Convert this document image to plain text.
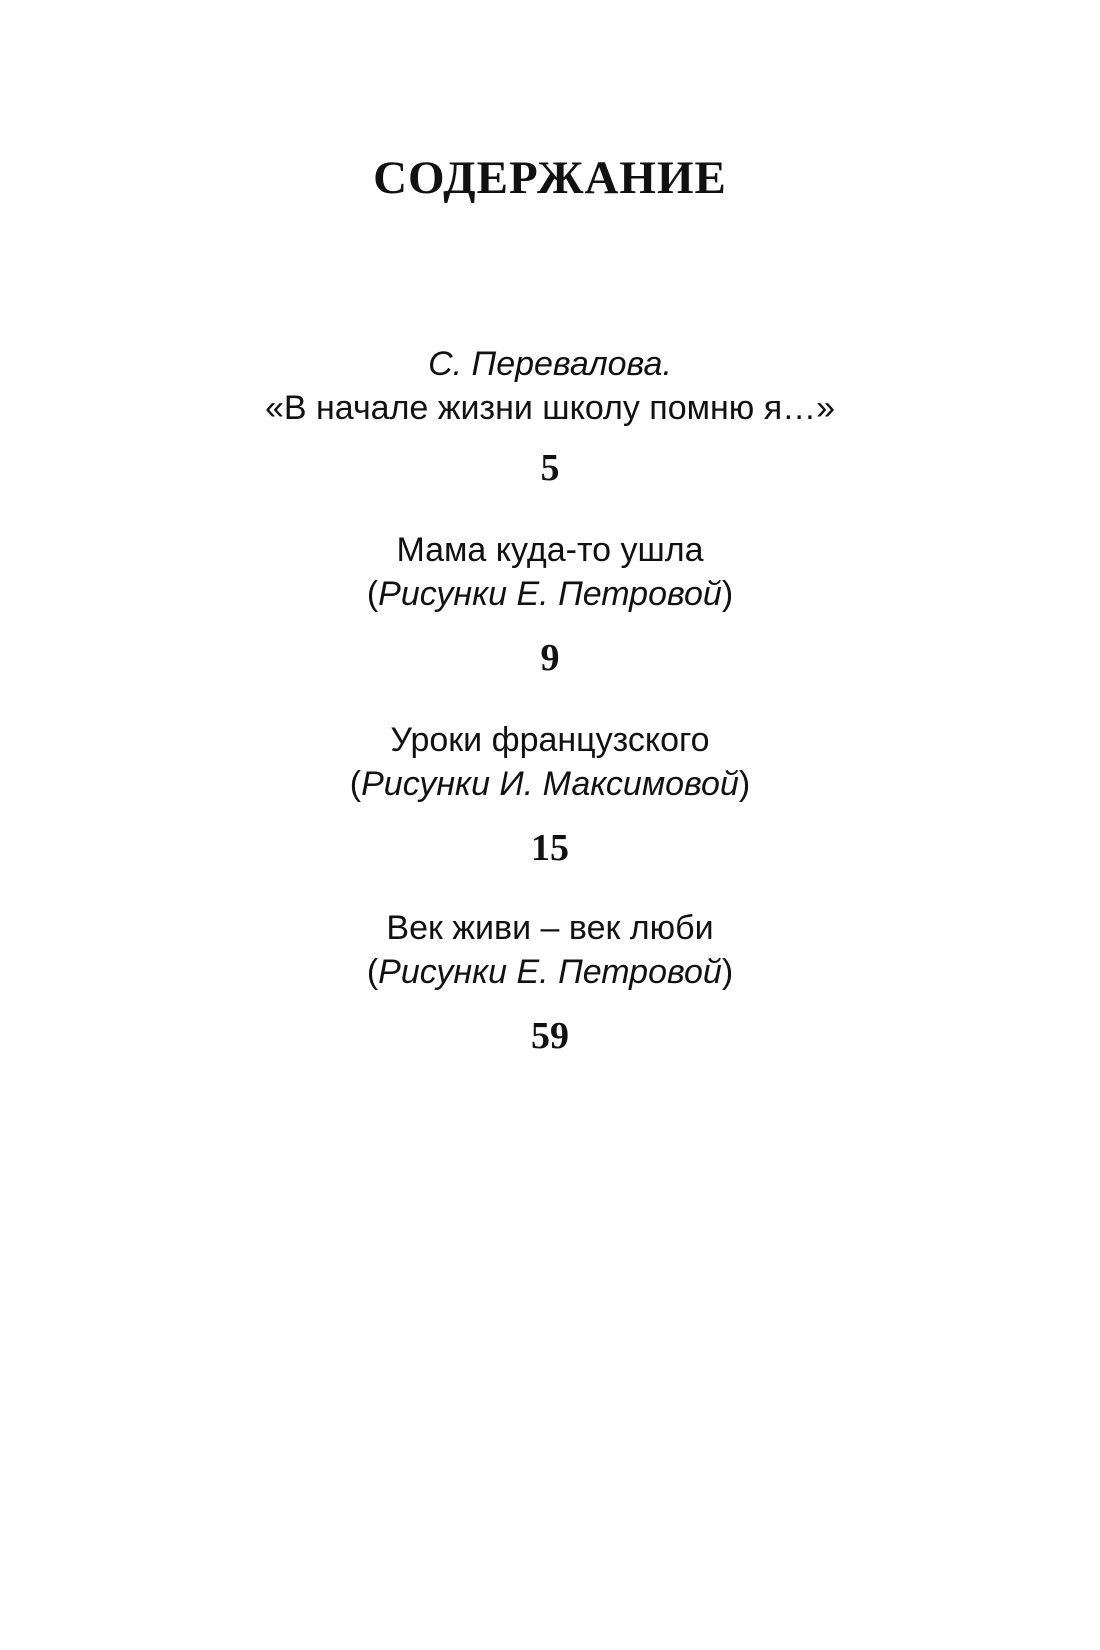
СОДЕРЖАНИЕ
С. Перевалова.
«В начале жизни школу помню я…»
5
Мама куда-то ушла
(Рисунки Е. Петровой)
9
Уроки французского
(Рисунки И. Максимовой)
15
Век живи – век люби
(Рисунки Е. Петровой)
59
